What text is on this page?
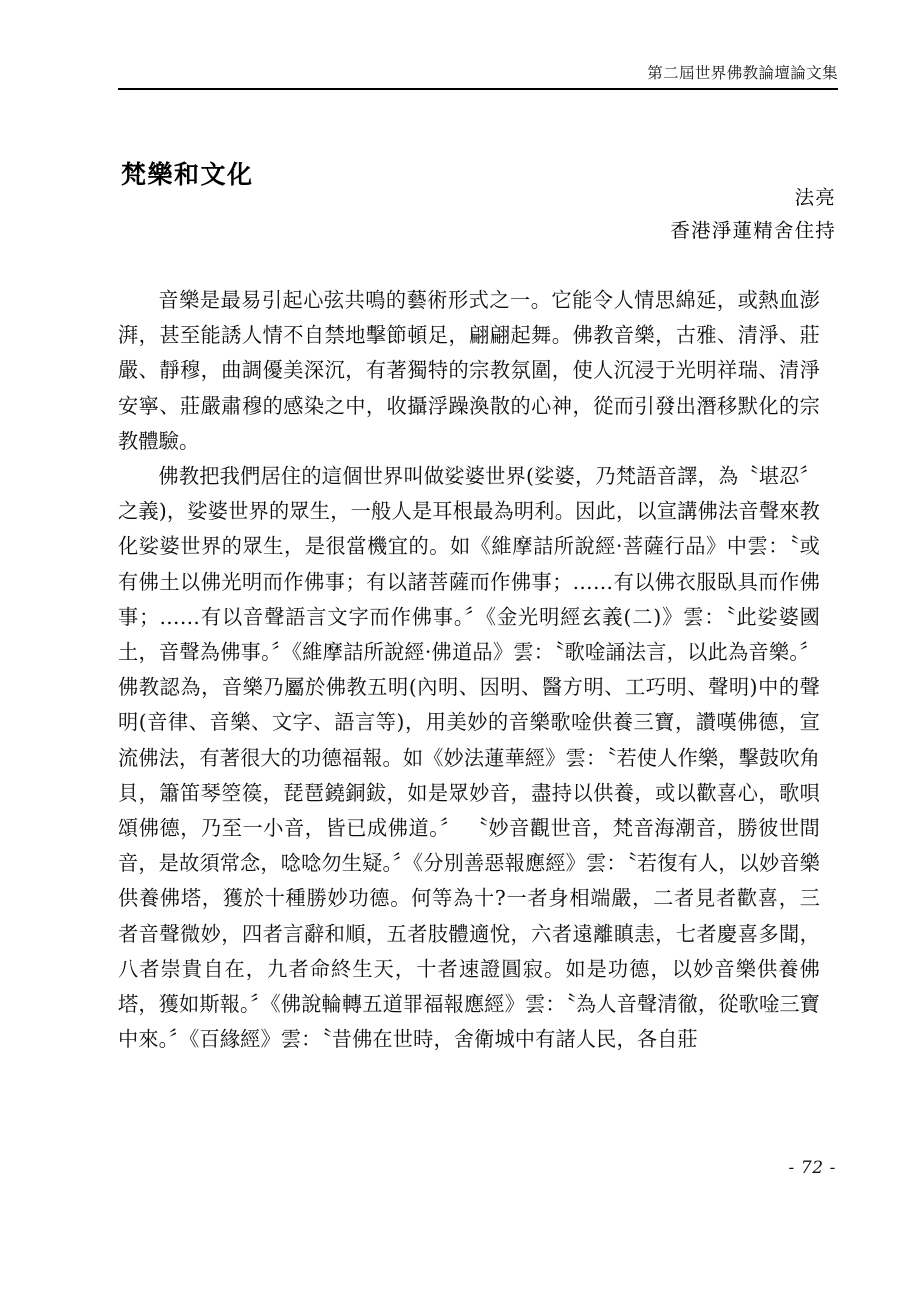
第二屆世界佛教論壇論文集
梵樂和文化
法亮
香港淨蓮精舍住持

音樂是最易引起心弦共鳴的藝術形式之一。它能令人情思綿延，或熱血澎湃，甚至能誘人情不自禁地擊節頓足，翩翩起舞。佛教音樂，古雅、清淨、莊嚴、靜穆，曲調優美深沉，有著獨特的宗教氛圍，使人沉浸于光明祥瑞、清淨安寧、莊嚴肅穆的感染之中，收攝浮躁渙散的心神，從而引發出潛移默化的宗教體驗。

佛教把我們居住的這個世界叫做娑婆世界(娑婆，乃梵語音譯，為〝堪忍〞之義)，娑婆世界的眾生，一般人是耳根最為明利。因此，以宣講佛法音聲來教化娑婆世界的眾生，是很當機宜的。如《維摩詰所說經·菩薩行品》中雲：〝或有佛土以佛光明而作佛事；有以諸菩薩而作佛事；……有以佛衣服臥具而作佛事；……有以音聲語言文字而作佛事。〞《金光明經玄義(二)》雲：〝此娑婆國土，音聲為佛事。〞《維摩詰所說經·佛道品》雲：〝歌唫誦法言，以此為音樂。〞 佛教認為，音樂乃屬於佛教五明(內明、因明、醫方明、工巧明、聲明)中的聲明(音律、音樂、文字、語言等)，用美妙的音樂歌唫供養三寶，讚嘆佛德，宣流佛法，有著很大的功德福報。如《妙法蓮華經》雲：〝若使人作樂，擊鼓吹角貝，簫笛琴箜篌，琵琶鐃銅鈸，如是眾妙音，盡持以供養，或以歡喜心，歌唄頌佛德，乃至一小音，皆已成佛道。〞 〝妙音觀世音，梵音海潮音，勝彼世間音，是故須常念，唸唸勿生疑。〞《分別善惡報應經》雲：〝若復有人，以妙音樂供養佛塔，獲於十種勝妙功德。何等為十?一者身相端嚴，二者見者歡喜，三者音聲微妙，四者言辭和順，五者肢體適悅，六者遠離瞋恚，七者慶喜多聞，八者崇貴自在，九者命終生天，十者速證圓寂。如是功德，以妙音樂供養佛塔，獲如斯報。〞《佛說輪轉五道罪福報應經》雲：〝為人音聲清徹，從歌唫三寶中來。〞《百緣經》雲：〝昔佛在世時，舍衛城中有諸人民，各自莊

- 72 -
